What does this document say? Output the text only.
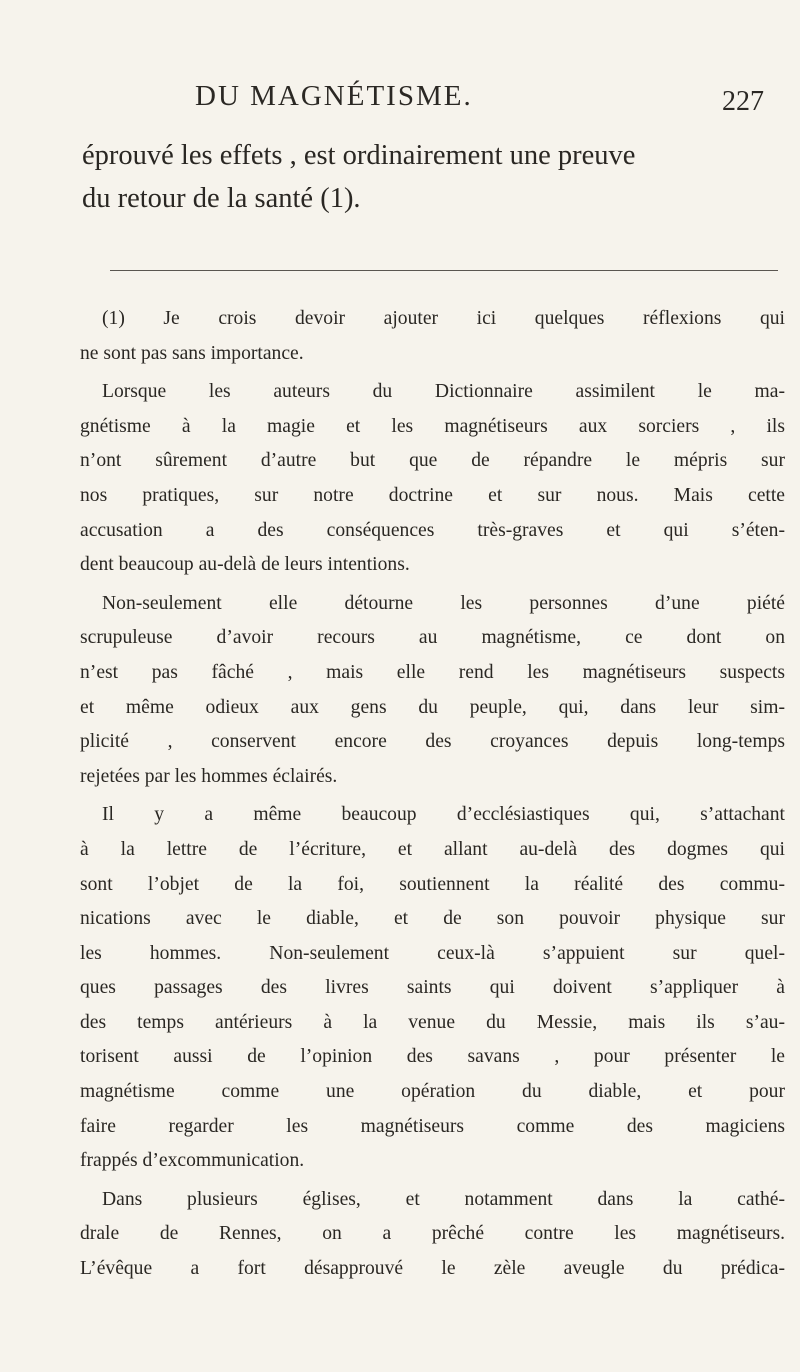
DU MAGNÉTISME.	227
éprouvé les effets , est ordinairement une preuve
du retour de la santé (1).
(1) Je crois devoir ajouter ici quelques réflexions qui
ne sont pas sans importance.
Lorsque les auteurs du Dictionnaire assimilent le ma-
gnétisme à la magie et les magnétiseurs aux sorciers , ils
n’ont sûrement d’autre but que de répandre le mépris sur
nos pratiques, sur notre doctrine et sur nous. Mais cette
accusation a des conséquences très-graves et qui s’éten-
dent beaucoup au-delà de leurs intentions.
Non-seulement elle détourne les personnes d’une piété
scrupuleuse d’avoir recours au magnétisme, ce dont on
n’est pas fâché , mais elle rend les magnétiseurs suspects
et même odieux aux gens du peuple, qui, dans leur sim-
plicité , conservent encore des croyances depuis long-temps
rejetées par les hommes éclairés.
Il y a même beaucoup d’ecclésiastiques qui, s’attachant
à la lettre de l’écriture, et allant au-delà des dogmes qui
sont l’objet de la foi, soutiennent la réalité des commu-
nications avec le diable, et de son pouvoir physique sur
les hommes. Non-seulement ceux-là s’appuient sur quel-
ques passages des livres saints qui doivent s’appliquer à
des temps antérieurs à la venue du Messie, mais ils s’au-
torisent aussi de l’opinion des savans , pour présenter le
magnétisme comme une opération du diable, et pour
faire regarder les magnétiseurs comme des magiciens
frappés d’excommunication.
Dans plusieurs églises, et notamment dans la cathé-
drale de Rennes, on a prêché contre les magnétiseurs.
L’évêque a fort désapprouvé le zèle aveugle du prédica-
